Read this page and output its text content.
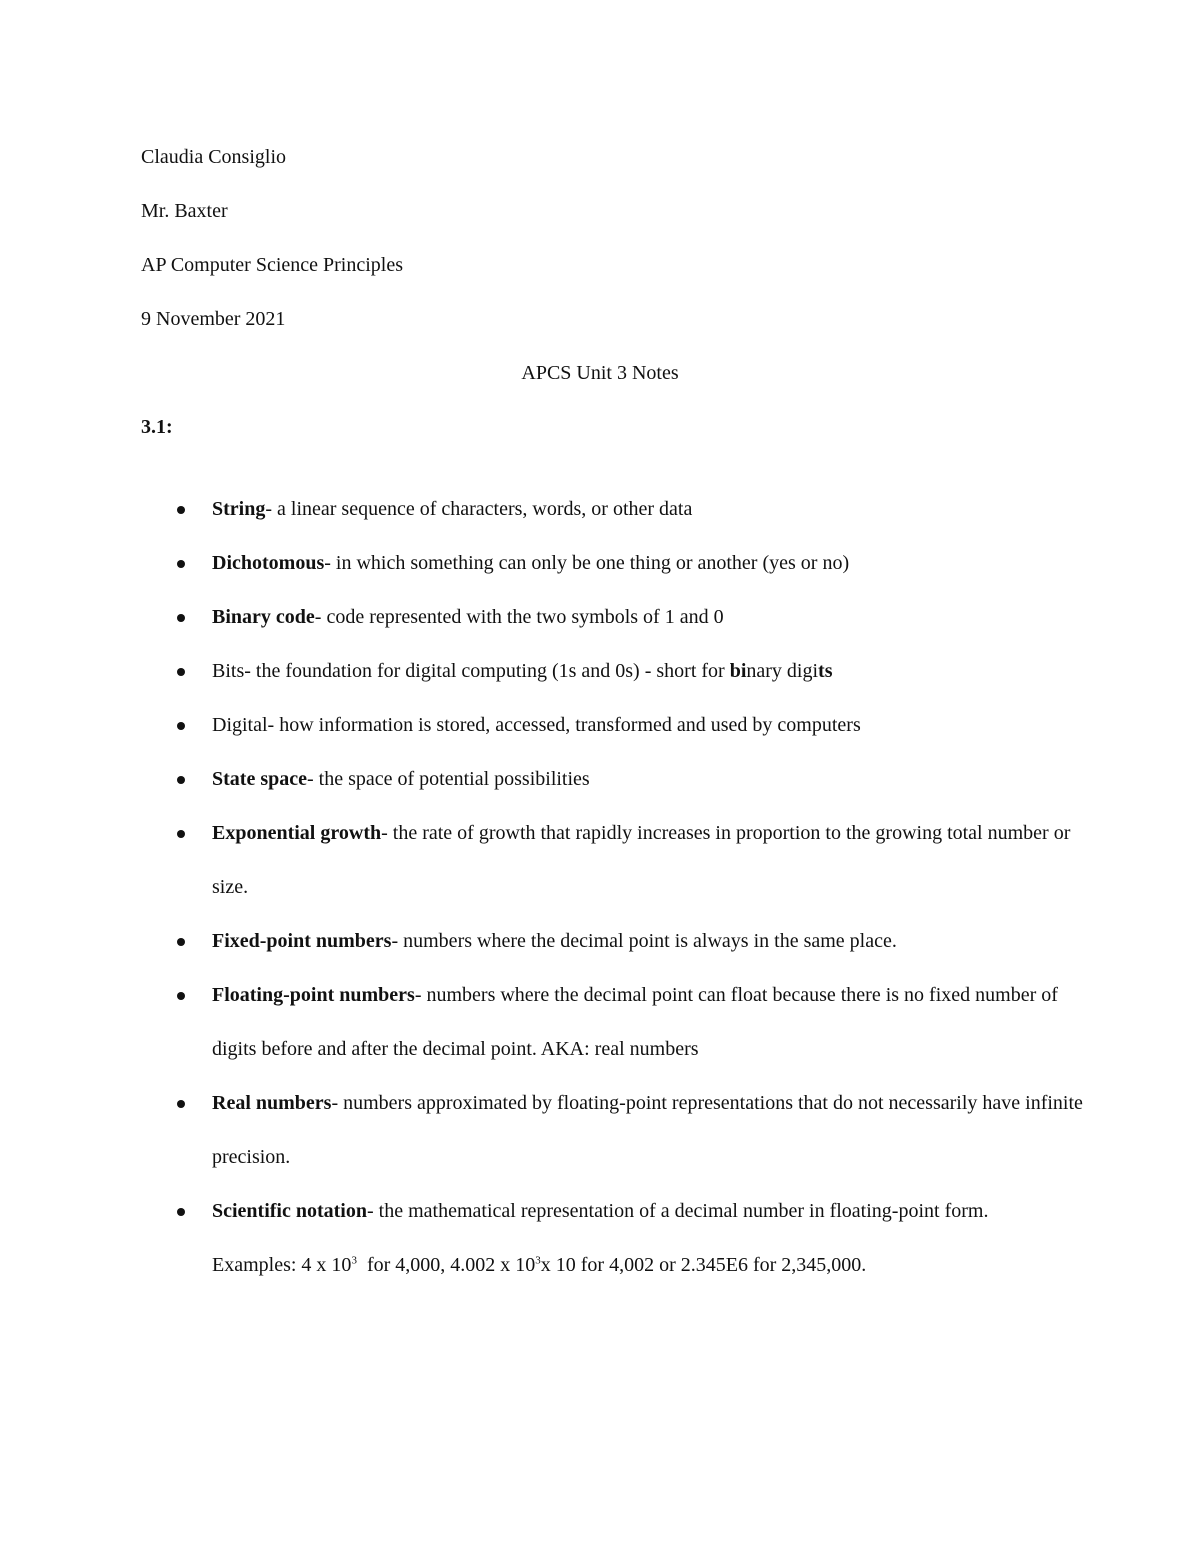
Claudia Consiglio
Mr. Baxter
AP Computer Science Principles
9 November 2021
APCS Unit 3 Notes
3.1:
String- a linear sequence of characters, words, or other data
Dichotomous- in which something can only be one thing or another (yes or no)
Binary code- code represented with the two symbols of 1 and 0
Bits- the foundation for digital computing (1s and 0s) - short for binary digits
Digital- how information is stored, accessed, transformed and used by computers
State space- the space of potential possibilities
Exponential growth- the rate of growth that rapidly increases in proportion to the growing total number or size.
Fixed-point numbers- numbers where the decimal point is always in the same place.
Floating-point numbers- numbers where the decimal point can float because there is no fixed number of digits before and after the decimal point. AKA: real numbers
Real numbers- numbers approximated by floating-point representations that do not necessarily have infinite precision.
Scientific notation- the mathematical representation of a decimal number in floating-point form. Examples: 4 x $10^3$  for 4,000, 4.002 x $10^3x$ 10 for 4,002 or 2.345E6 for 2,345,000.
